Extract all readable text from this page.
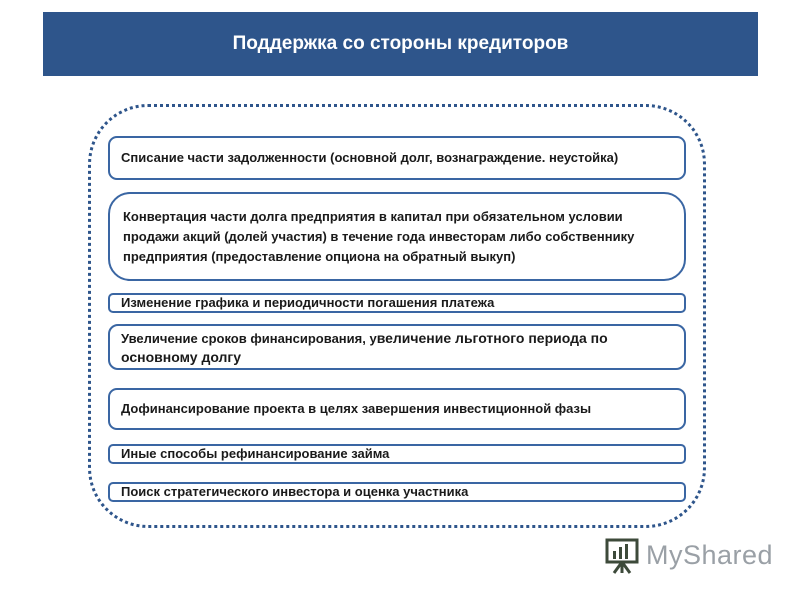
Поддержка со стороны кредиторов
Списание части задолженности (основной долг, вознаграждение. неустойка)
Конвертация части долга предприятия в капитал при обязательном условии продажи акций (долей участия) в течение года инвесторам либо собственнику предприятия (предоставление опциона на обратный выкуп)
Изменение графика и периодичности погашения платежа
Увеличение сроков финансирования, увеличение льготного периода по основному долгу
Дофинансирование проекта в целях завершения инвестиционной фазы
Иные способы рефинансирование займа
Поиск стратегического инвестора и оценка участника
MyShared
